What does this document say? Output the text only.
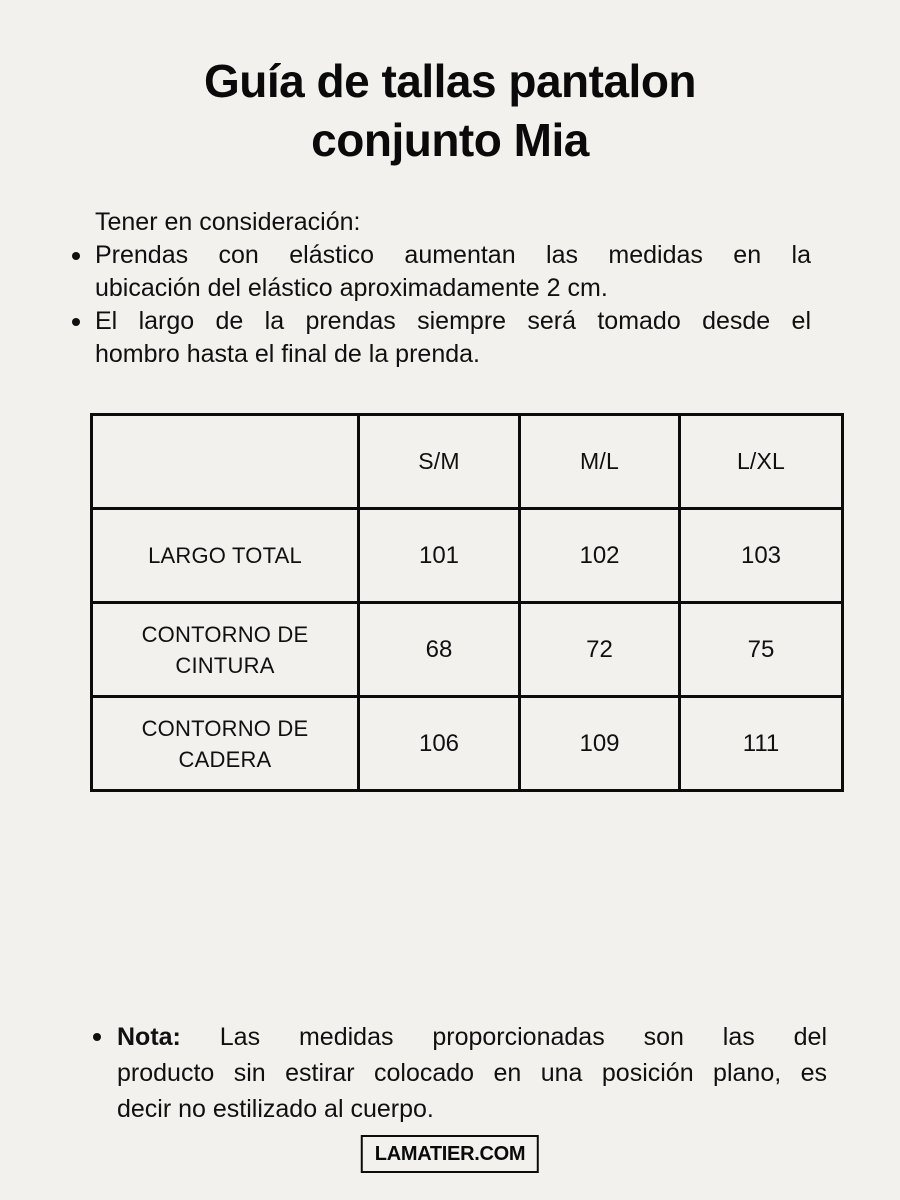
Guía de tallas pantalon
conjunto Mia
Tener en consideración:
Prendas con elástico aumentan las medidas en la
ubicación del elástico aproximadamente 2 cm.
El largo de la prendas siempre será tomado desde el
hombro hasta el final de la prenda.
	S/M	M/L	L/XL
LARGO TOTAL	101	102	103
CONTORNO DE CINTURA	68	72	75
CONTORNO DE CADERA	106	109	111
Nota: Las medidas proporcionadas son las del
producto sin estirar colocado en una posición plano, es
decir no estilizado al cuerpo.
LAMATIER.COM
